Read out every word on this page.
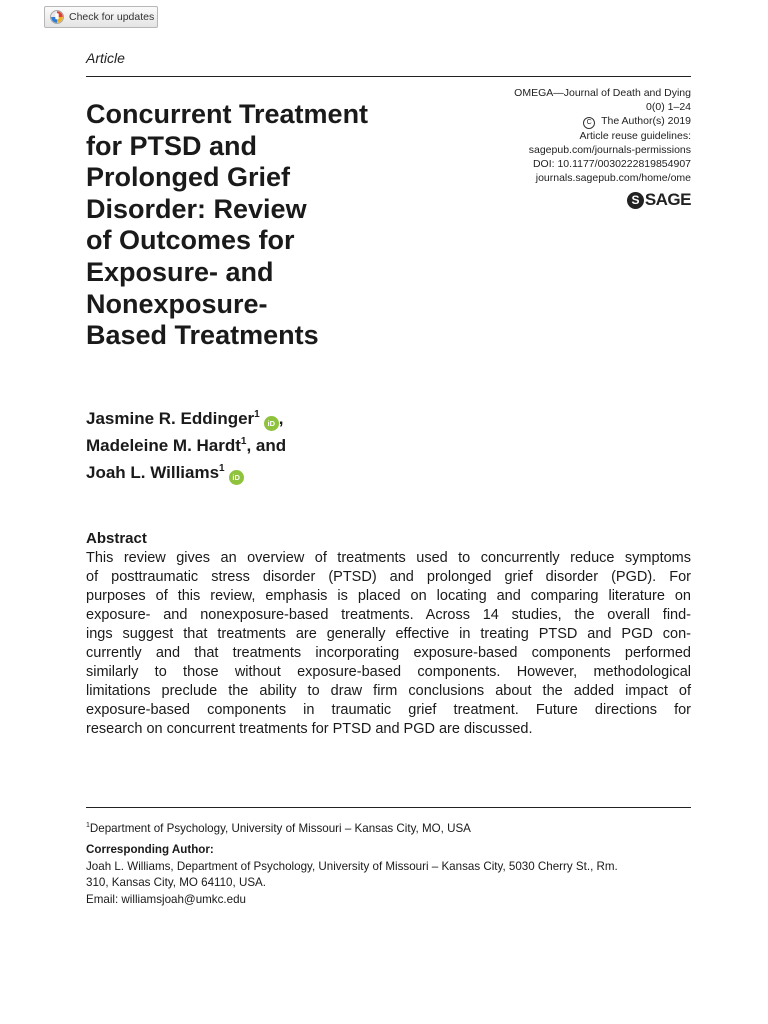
Check for updates
Article
OMEGA—Journal of Death and Dying
0(0) 1–24
C The Author(s) 2019
Article reuse guidelines:
sagepub.com/journals-permissions
DOI: 10.1177/0030222819854907
journals.sagepub.com/home/ome
S SAGE
Concurrent Treatment
for PTSD and
Prolonged Grief
Disorder: Review
of Outcomes for
Exposure- and
Nonexposure-
Based Treatments
Jasmine R. Eddinger$^1$iD ,
Madeleine M. Hardt$^1$, and
Joah L. Williams$^1$iD
Abstract
This review gives an overview of treatments used to concurrently reduce symptoms
of posttraumatic stress disorder (PTSD) and prolonged grief disorder (PGD). For
purposes of this review, emphasis is placed on locating and comparing literature on
exposure- and nonexposure-based treatments. Across 14 studies, the overall find-
ings suggest that treatments are generally effective in treating PTSD and PGD con-
currently and that treatments incorporating exposure-based components performed
similarly to those without exposure-based components. However, methodological
limitations preclude the ability to draw firm conclusions about the added impact of
exposure-based components in traumatic grief treatment. Future directions for
research on concurrent treatments for PTSD and PGD are discussed.
$^1$Department of Psychology, University of Missouri – Kansas City, MO, USA
Corresponding Author:
Joah L. Williams, Department of Psychology, University of Missouri – Kansas City, 5030 Cherry St., Rm.
310, Kansas City, MO 64110, USA.
Email: williamsjoah@umkc.edu
